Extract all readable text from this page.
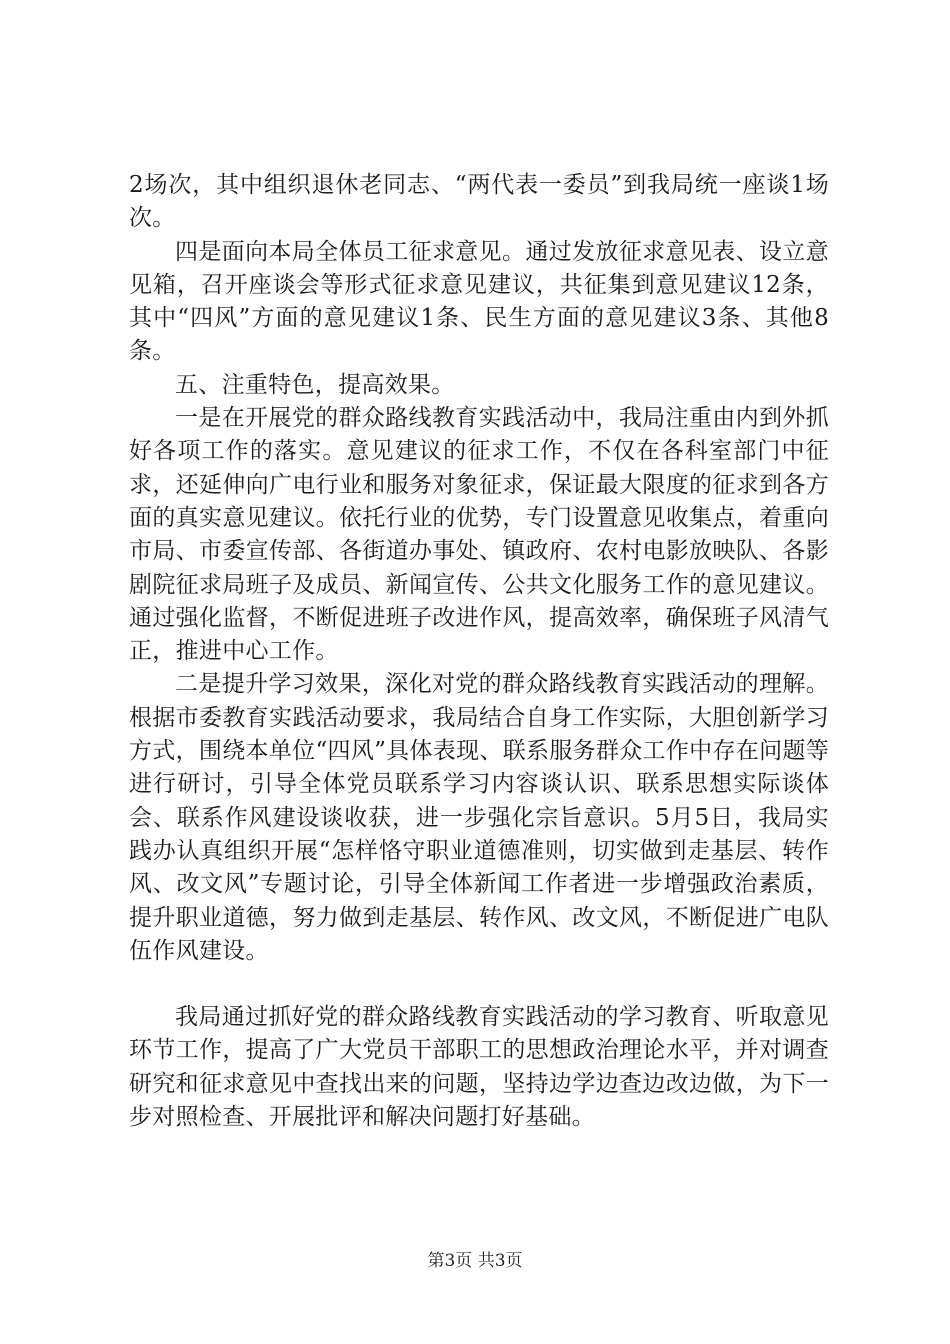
2场次，其中组织退休老同志、“两代表一委员”到我局统一座谈1场次。

四是面向本局全体员工征求意见。通过发放征求意见表、设立意见箱，召开座谈会等形式征求意见建议，共征集到意见建议12条，其中“四风”方面的意见建议1条、民生方面的意见建议3条、其他8条。

五、注重特色，提高效果。

一是在开展党的群众路线教育实践活动中，我局注重由内到外抓好各项工作的落实。意见建议的征求工作，不仅在各科室部门中征求，还延伸向广电行业和服务对象征求，保证最大限度的征求到各方面的真实意见建议。依托行业的优势，专门设置意见收集点，着重向市局、市委宣传部、各街道办事处、镇政府、农村电影放映队、各影剧院征求局班子及成员、新闻宣传、公共文化服务工作的意见建议。通过强化监督，不断促进班子改进作风，提高效率，确保班子风清气正，推进中心工作。

二是提升学习效果，深化对党的群众路线教育实践活动的理解。根据市委教育实践活动要求，我局结合自身工作实际，大胆创新学习方式，围绕本单位“四风”具体表现、联系服务群众工作中存在问题等进行研讨，引导全体党员联系学习内容谈认识、联系思想实际谈体会、联系作风建设谈收获，进一步强化宗旨意识。5月5日，我局实践办认真组织开展“怎样恪守职业道德准则，切实做到走基层、转作风、改文风”专题讨论，引导全体新闻工作者进一步增强政治素质，提升职业道德，努力做到走基层、转作风、改文风，不断促进广电队伍作风建设。

我局通过抓好党的群众路线教育实践活动的学习教育、听取意见环节工作，提高了广大党员干部职工的思想政治理论水平，并对调查研究和征求意见中查找出来的问题，坚持边学边查边改边做，为下一步对照检查、开展批评和解决问题打好基础。

第3页 共3页
